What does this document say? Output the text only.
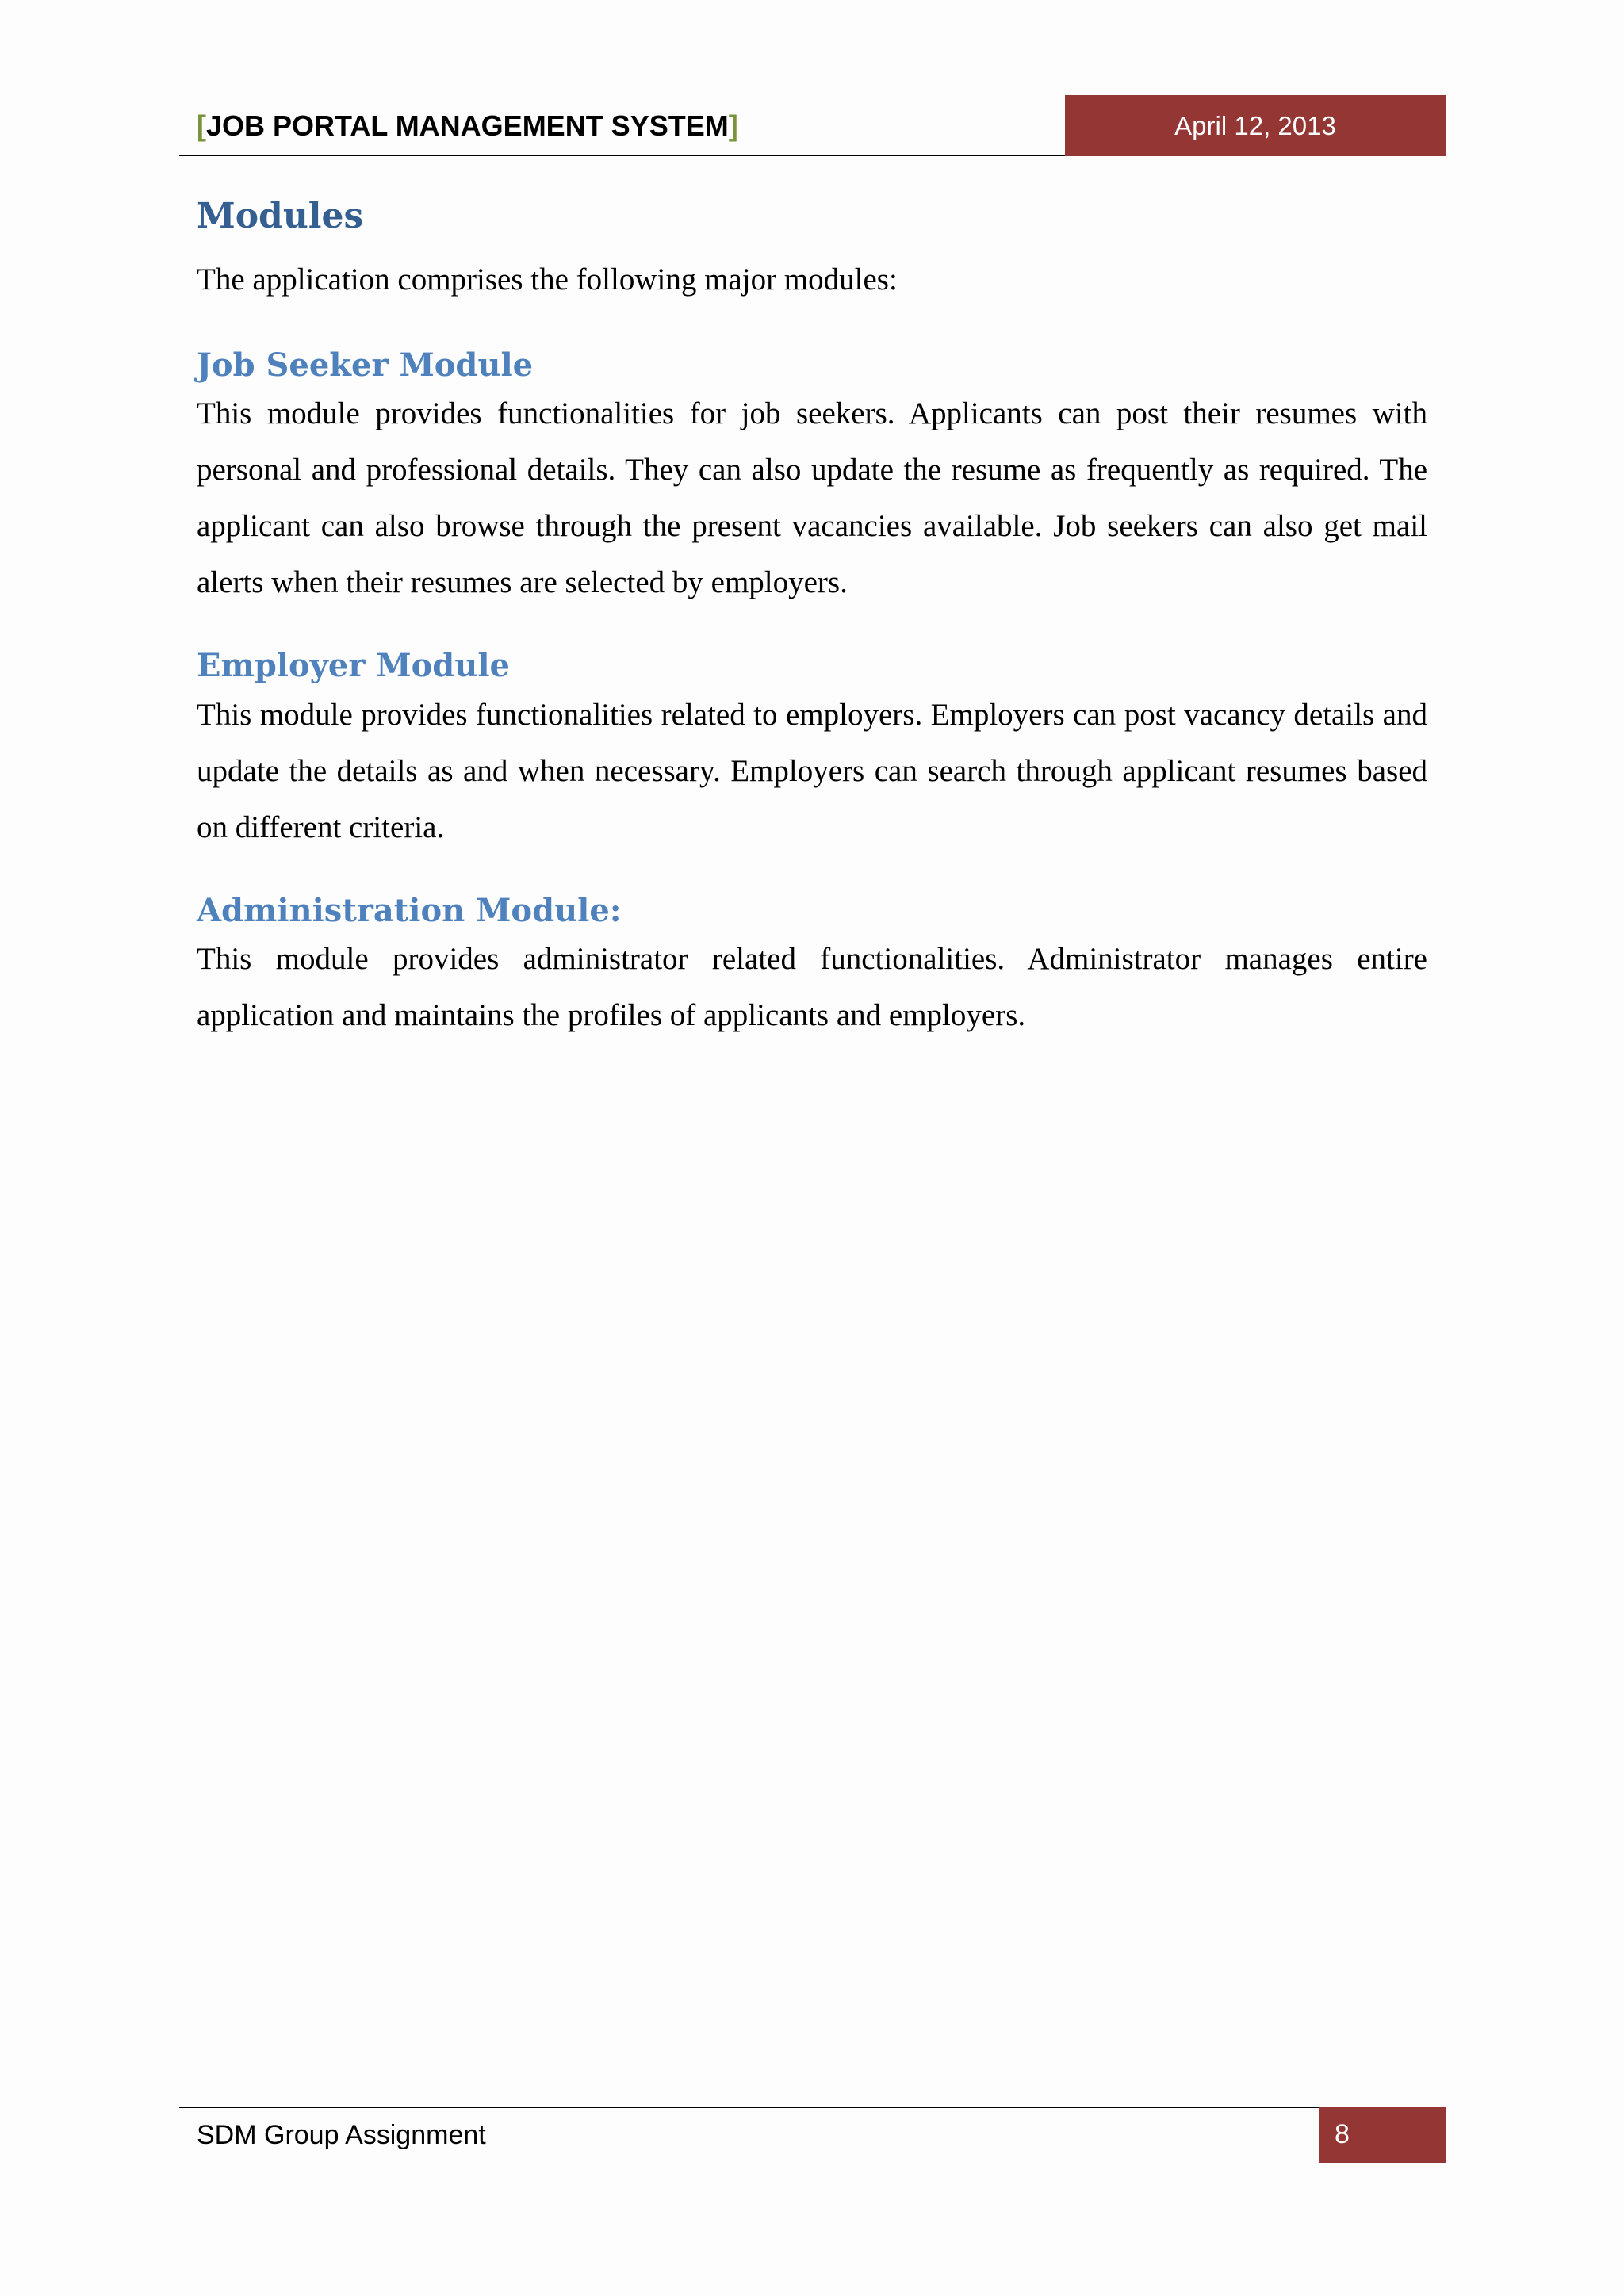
[JOB PORTAL MANAGEMENT SYSTEM]	April 12, 2013
Modules
The application comprises the following major modules:
Job Seeker Module
This module provides functionalities for job seekers. Applicants can post their resumes with personal and professional details. They can also update the resume as frequently as required. The applicant can also browse through the present vacancies available. Job seekers can also get mail alerts when their resumes are selected by employers.
Employer Module
This module provides functionalities related to employers. Employers can post vacancy details and update the details as and when necessary. Employers can search through applicant resumes based on different criteria.
Administration Module:
This module provides administrator related functionalities. Administrator manages entire application and maintains the profiles of applicants and employers.
SDM Group Assignment	8
